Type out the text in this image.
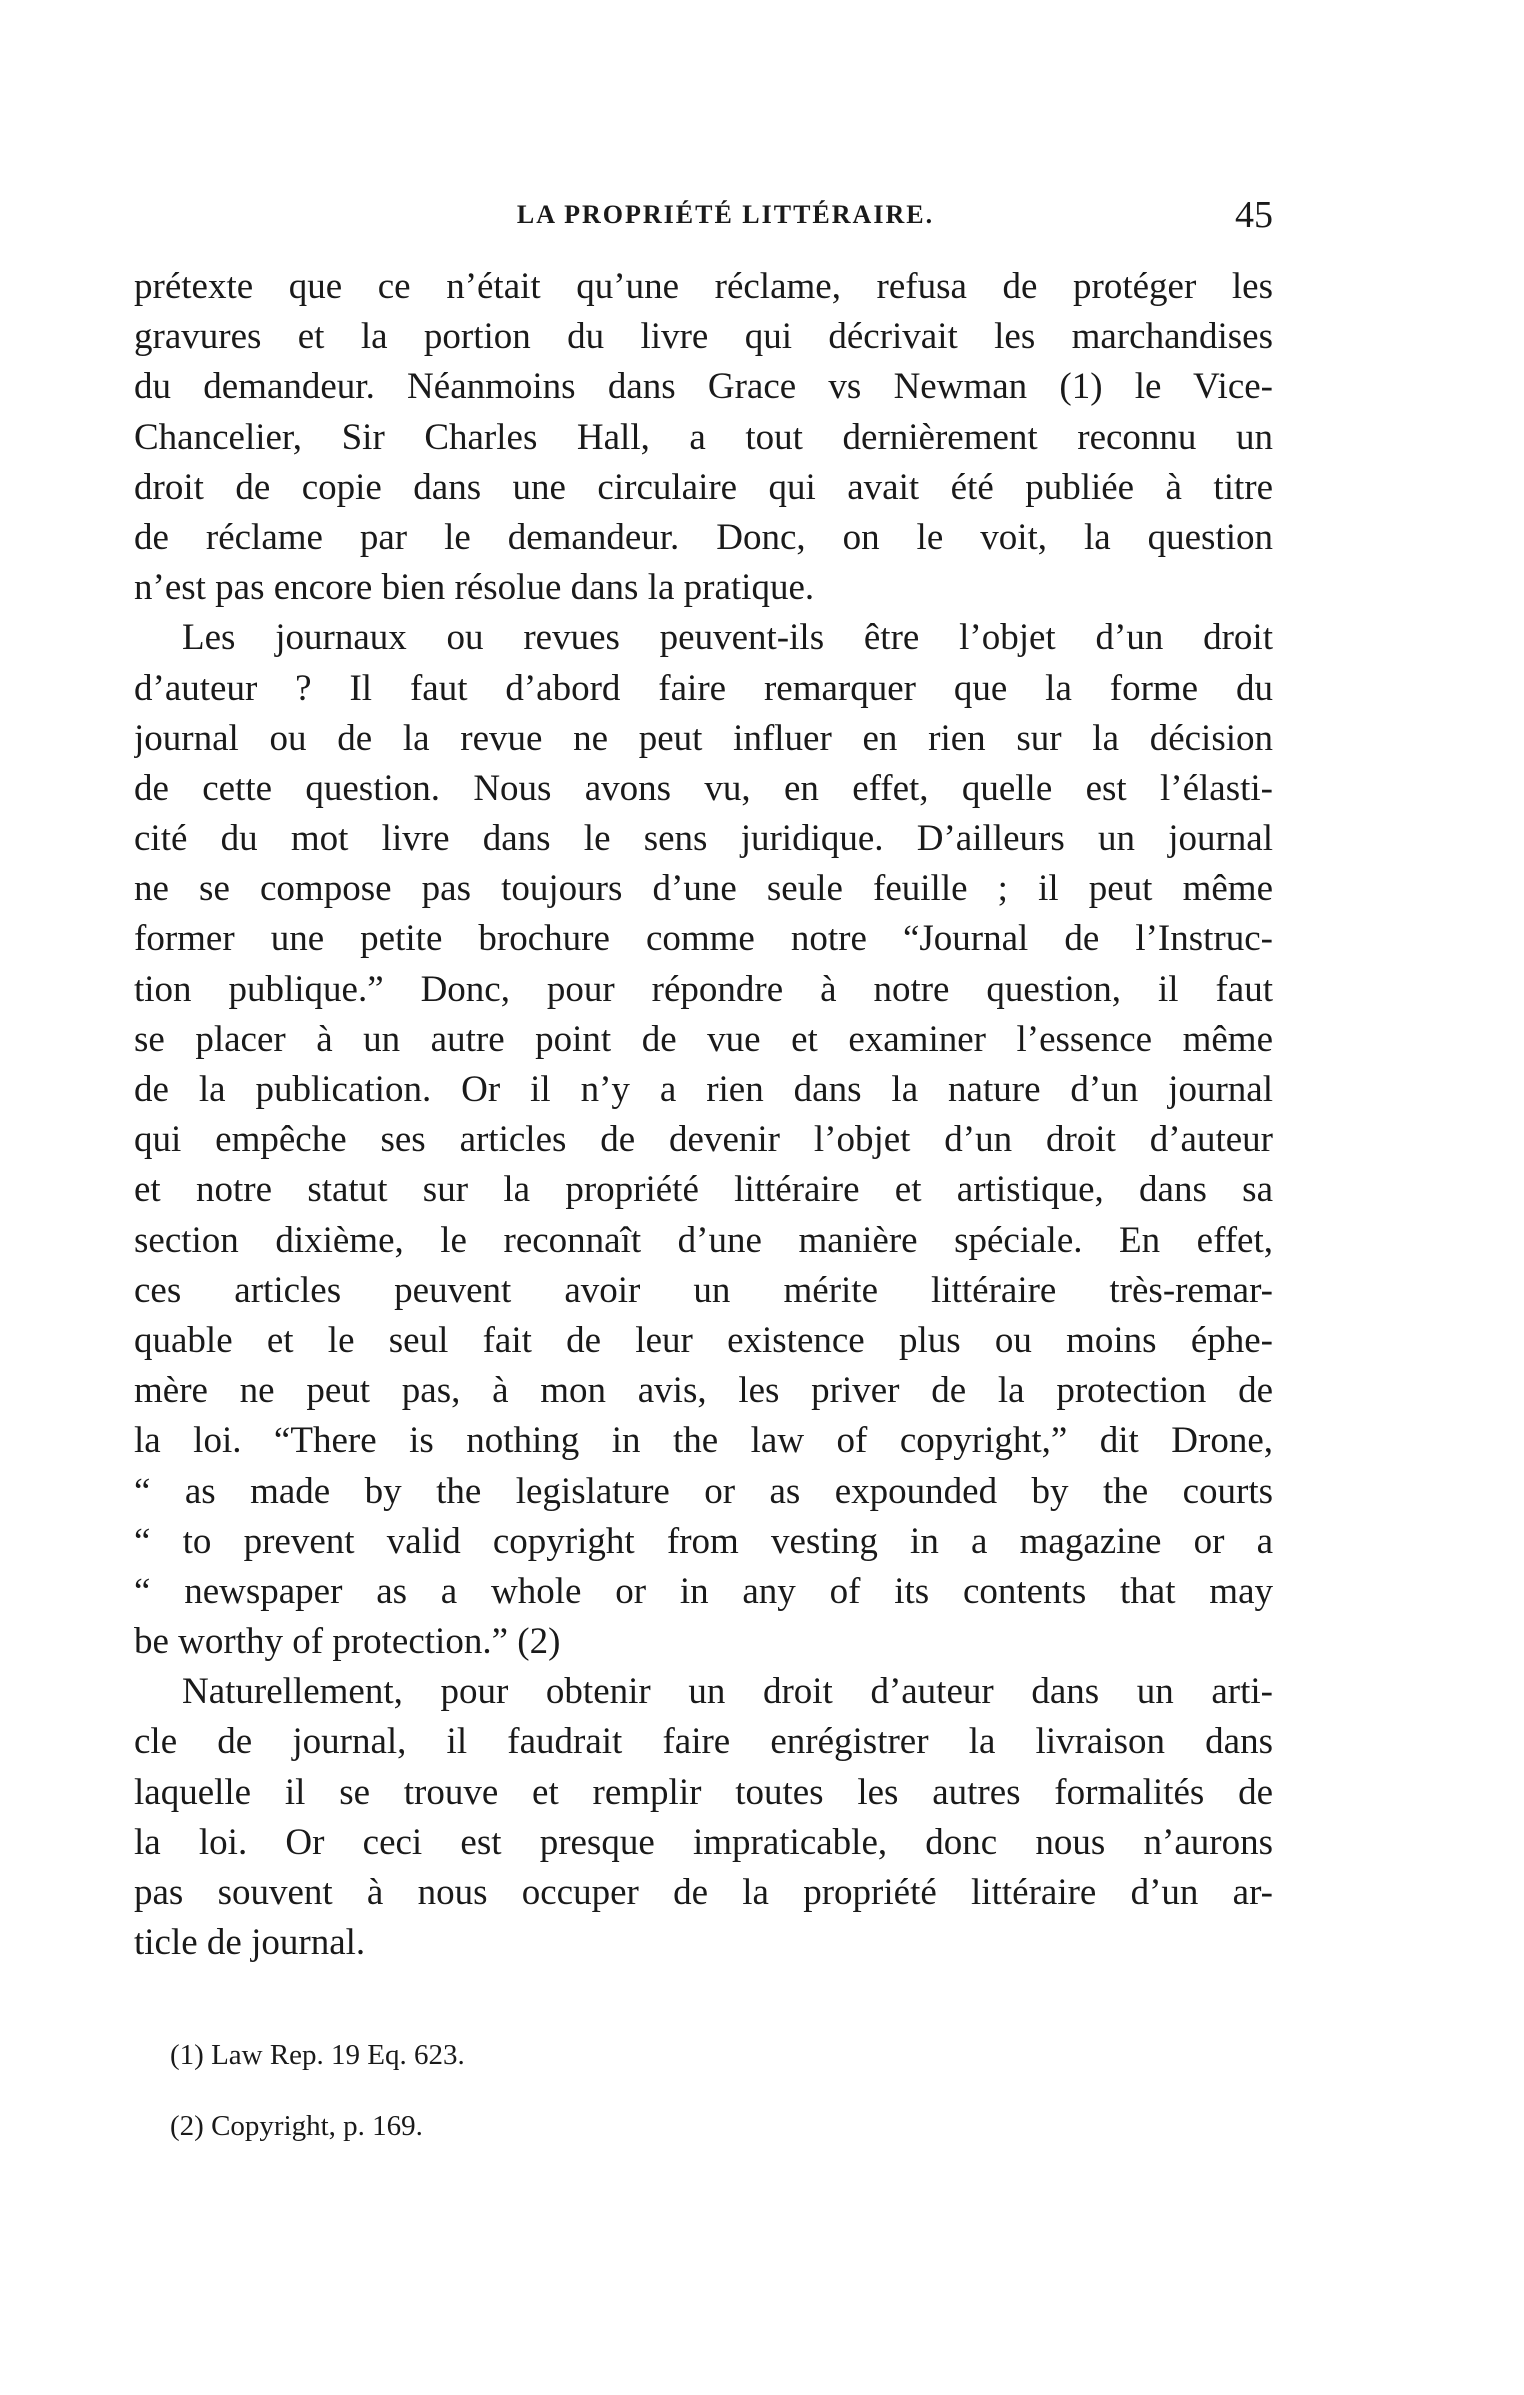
LA PROPRIÉTÉ LITTÉRAIRE.	45
prétexte que ce n’était qu’une réclame, refusa de protéger les
gravures et la portion du livre qui décrivait les marchandises
du demandeur. Néanmoins dans Grace vs Newman (1) le Vice-
Chancelier, Sir Charles Hall, a tout dernièrement reconnu un
droit de copie dans une circulaire qui avait été publiée à titre
de réclame par le demandeur. Donc, on le voit, la question
n’est pas encore bien résolue dans la pratique.
Les journaux ou revues peuvent-ils être l’objet d’un droit
d’auteur ? Il faut d’abord faire remarquer que la forme du
journal ou de la revue ne peut influer en rien sur la décision
de cette question. Nous avons vu, en effet, quelle est l’élasti-
cité du mot livre dans le sens juridique. D’ailleurs un journal
ne se compose pas toujours d’une seule feuille ; il peut même
former une petite brochure comme notre “Journal de l’Instruc-
tion publique.” Donc, pour répondre à notre question, il faut
se placer à un autre point de vue et examiner l’essence même
de la publication. Or il n’y a rien dans la nature d’un journal
qui empêche ses articles de devenir l’objet d’un droit d’auteur
et notre statut sur la propriété littéraire et artistique, dans sa
section dixième, le reconnaît d’une manière spéciale. En effet,
ces articles peuvent avoir un mérite littéraire très-remar-
quable et le seul fait de leur existence plus ou moins éphe-
mère ne peut pas, à mon avis, les priver de la protection de
la loi. “There is nothing in the law of copyright,” dit Drone,
“ as made by the legislature or as expounded by the courts
“ to prevent valid copyright from vesting in a magazine or a
“ newspaper as a whole or in any of its contents that may
be worthy of protection.” (2)
Naturellement, pour obtenir un droit d’auteur dans un arti-
cle de journal, il faudrait faire enrégistrer la livraison dans
laquelle il se trouve et remplir toutes les autres formalités de
la loi. Or ceci est presque impraticable, donc nous n’aurons
pas souvent à nous occuper de la propriété littéraire d’un ar-
ticle de journal.
(1) Law Rep. 19 Eq. 623.
(2) Copyright, p. 169.
